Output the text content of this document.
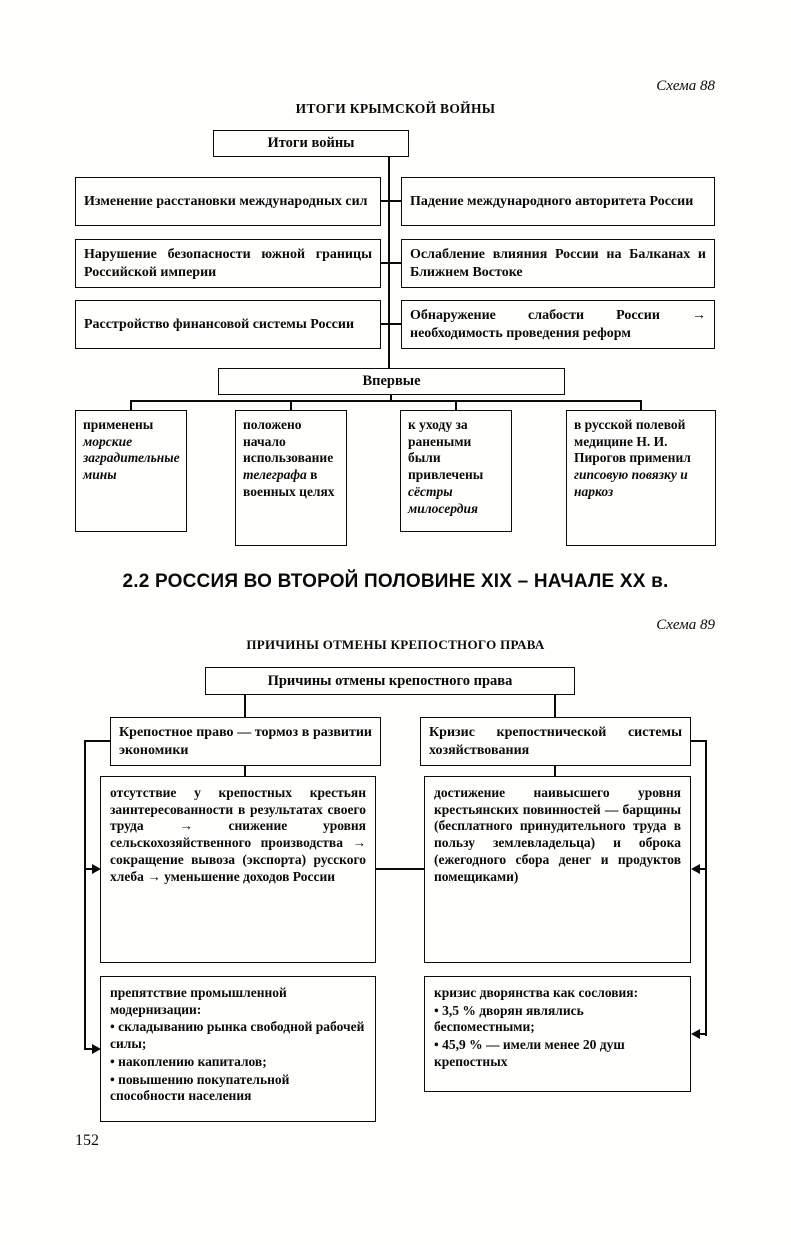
Схема 88
ИТОГИ КРЫМСКОЙ ВОЙНЫ
Итоги войны
Изменение расстановки международных сил
Нарушение безопасности южной границы Российской империи
Расстройство финансовой системы России
Падение международного авторитета России
Ослабление влияния России на Балканах и Ближнем Востоке
Обнаружение слабости России → необходимость проведения реформ
Впервые
применены морские заградительные мины
положено начало использование телеграфа в военных целях
к уходу за ранеными были привлечены сёстры милосердия
в русской полевой медицине Н. И. Пирогов применил гипсовую повязку и наркоз
2.2 РОССИЯ ВО ВТОРОЙ ПОЛОВИНЕ XIX – НАЧАЛЕ XX в.
Схема 89
ПРИЧИНЫ ОТМЕНЫ КРЕПОСТНОГО ПРАВА
Причины отмены крепостного права
Крепостное право — тормоз в развитии экономики
Кризис крепостнической системы хозяйствования
отсутствие у крепостных крестьян заинтересованности в результатах своего труда → снижение уровня сельскохозяйственного производства → сокращение вывоза (экспорта) русского хлеба → уменьшение доходов России
достижение наивысшего уровня крестьянских повинностей — барщины (бесплатного принудительного труда в пользу землевладельца) и оброка (ежегодного сбора денег и продуктов помещиками)
препятствие промышленной модернизации:
• складыванию рынка свободной рабочей силы;
• накоплению капиталов;
• повышению покупательной способности населения
кризис дворянства как сословия:
• 3,5 % дворян являлись беспоместными;
• 45,9 % — имели менее 20 душ крепостных
152
